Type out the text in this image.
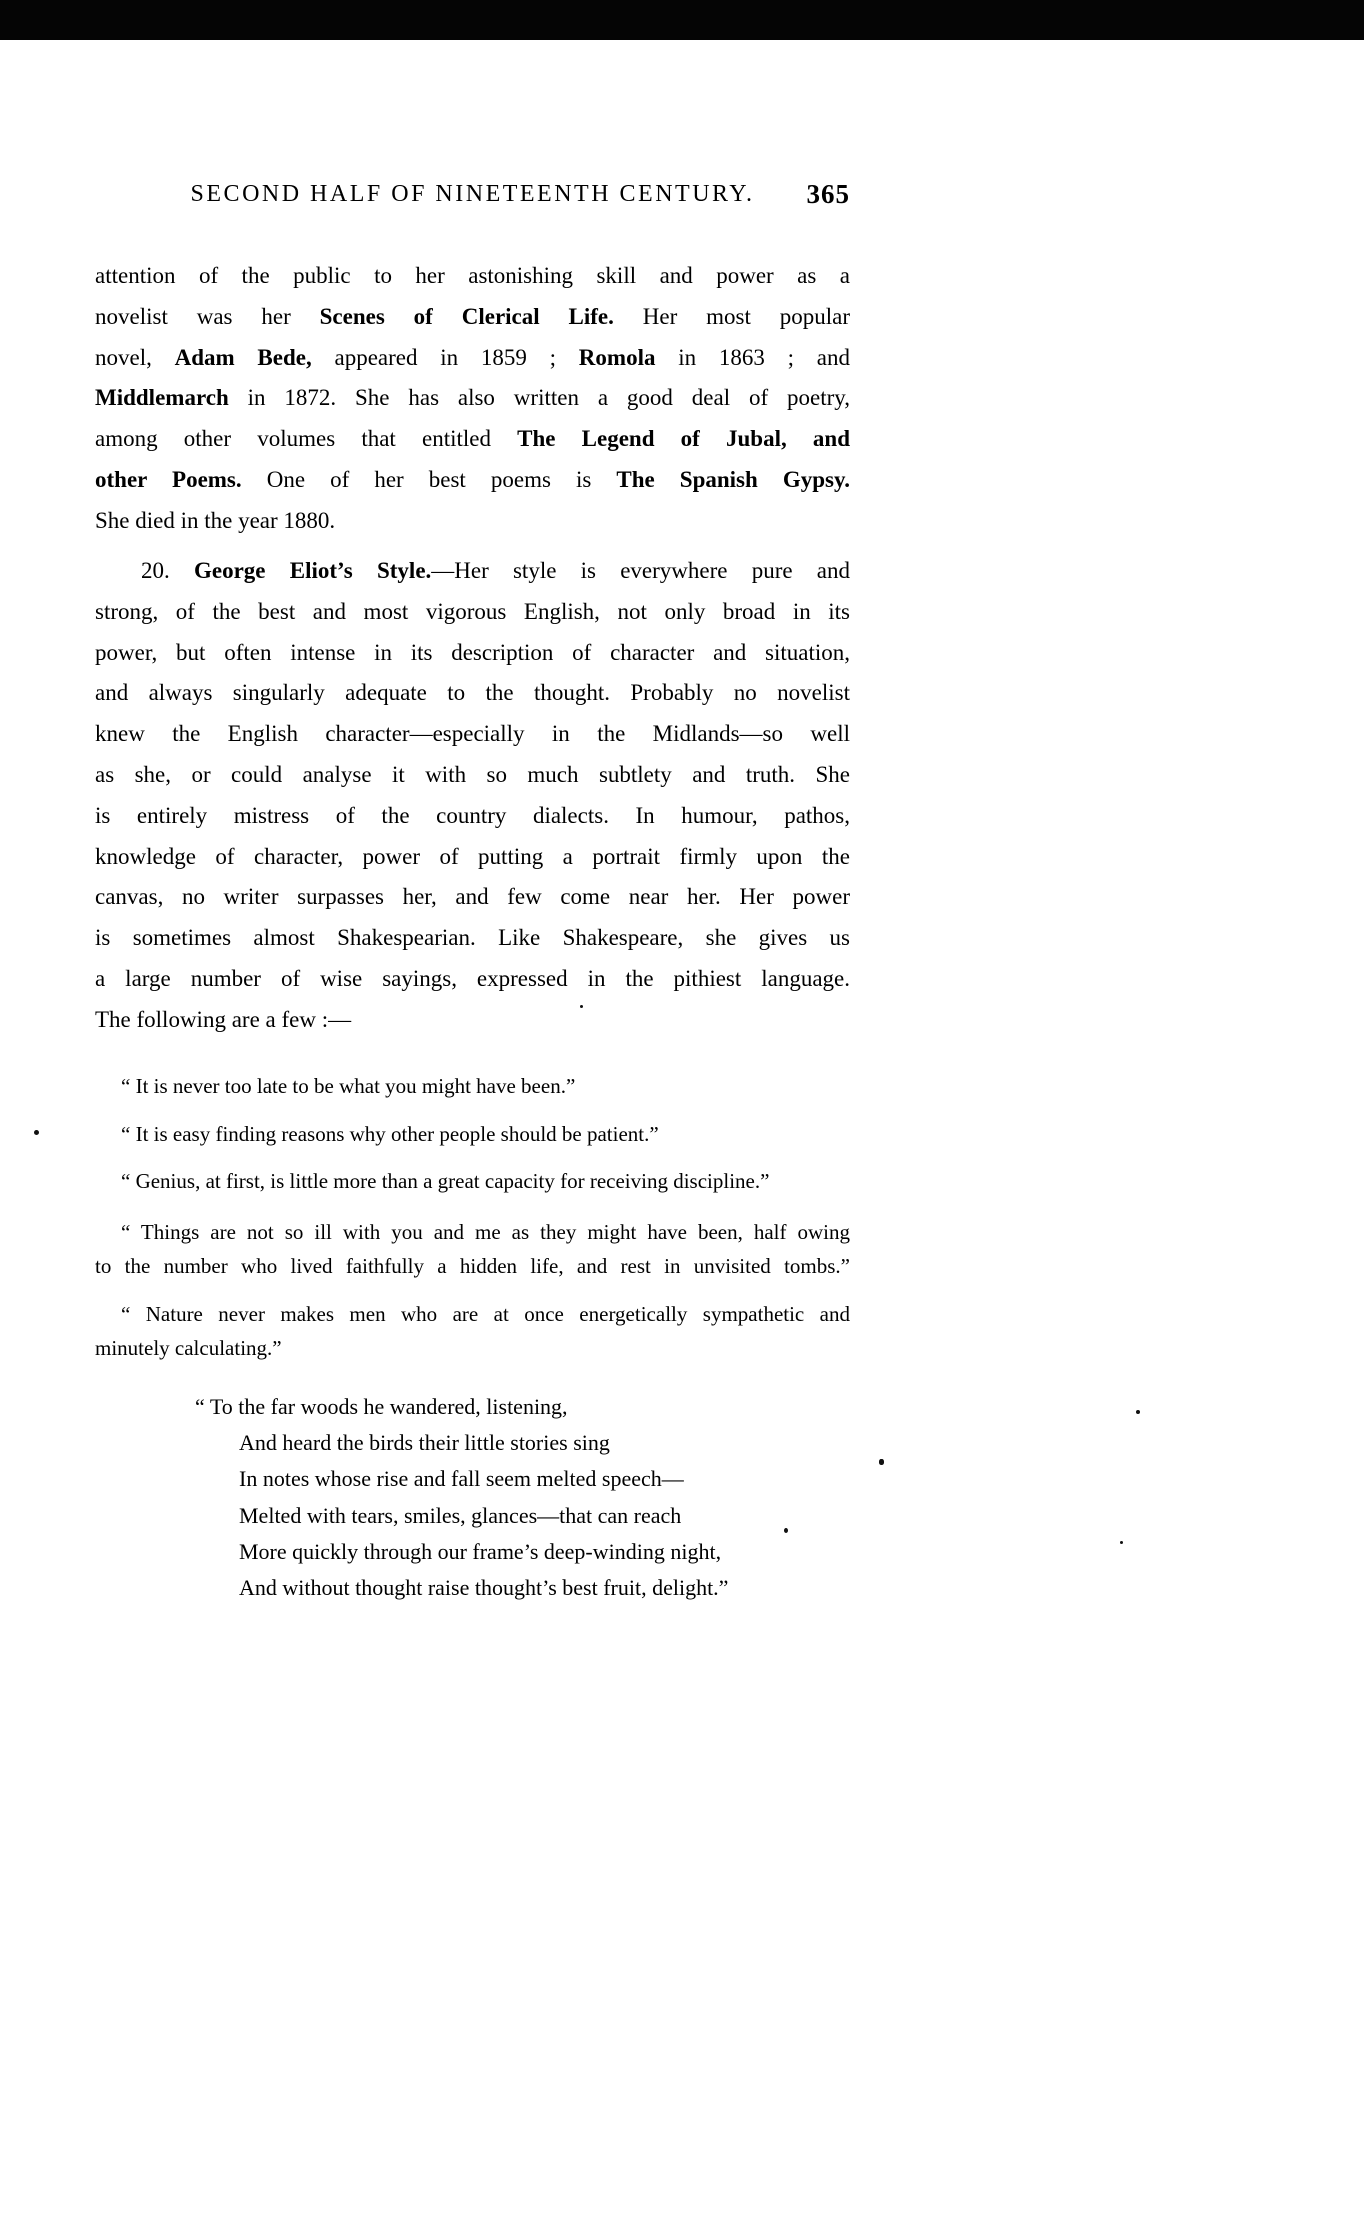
SECOND HALF OF NINETEENTH CENTURY. 365
attention of the public to her astonishing skill and power as a
novelist was her Scenes of Clerical Life. Her most popular
novel, Adam Bede, appeared in 1859 ; Romola in 1863 ; and
Middlemarch in 1872. She has also written a good deal of poetry,
among other volumes that entitled The Legend of Jubal, and
other Poems. One of her best poems is The Spanish Gypsy.
She died in the year 1880.
20. George Eliot’s Style.—Her style is everywhere pure and
strong, of the best and most vigorous English, not only broad in its
power, but often intense in its description of character and situation,
and always singularly adequate to the thought. Probably no novelist
knew the English character—especially in the Midlands—so well
as she, or could analyse it with so much subtlety and truth. She
is entirely mistress of the country dialects. In humour, pathos,
knowledge of character, power of putting a portrait firmly upon the
canvas, no writer surpasses her, and few come near her. Her power
is sometimes almost Shakespearian. Like Shakespeare, she gives us
a large number of wise sayings, expressed in the pithiest language.
The following are a few :—
“ It is never too late to be what you might have been.”
“ It is easy finding reasons why other people should be patient.”
“ Genius, at first, is little more than a great capacity for receiving discipline.”
“ Things are not so ill with you and me as they might have been, half owing
to the number who lived faithfully a hidden life, and rest in unvisited tombs.”
“ Nature never makes men who are at once energetically sympathetic and
minutely calculating.”
“ To the far woods he wandered, listening,
And heard the birds their little stories sing
In notes whose rise and fall seem melted speech—
Melted with tears, smiles, glances—that can reach
More quickly through our frame’s deep-winding night,
And without thought raise thought’s best fruit, delight.”
